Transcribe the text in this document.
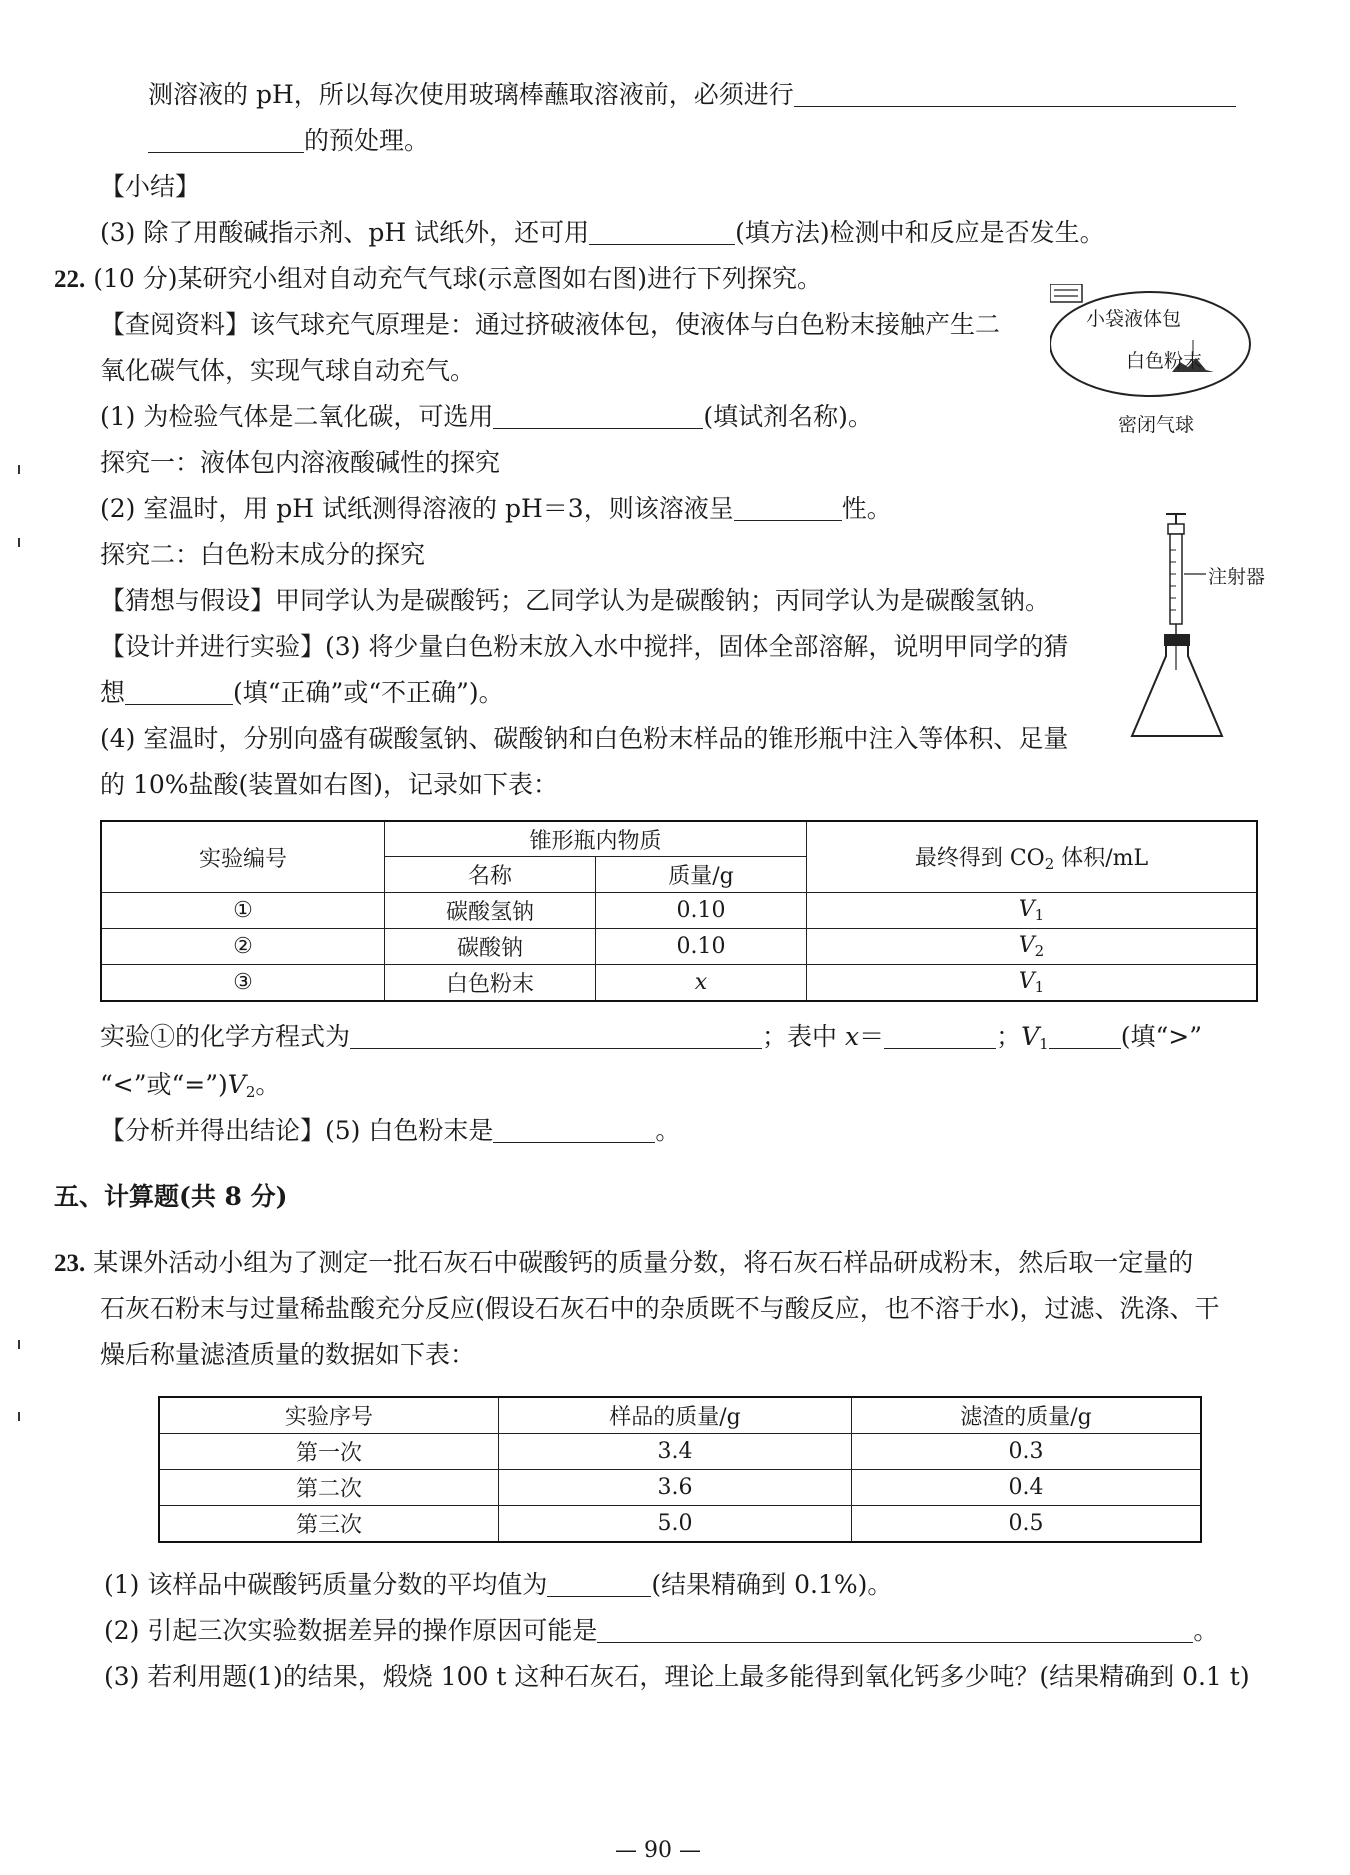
测溶液的 pH，所以每次使用玻璃棒蘸取溶液前，必须进行
的预处理。
【小结】
(3) 除了用酸碱指示剂、pH 试纸外，还可用	(填方法)检测中和反应是否发生。
22. (10 分)某研究小组对自动充气气球(示意图如右图)进行下列探究。
【查阅资料】该气球充气原理是：通过挤破液体包，使液体与白色粉末接触产生二
氧化碳气体，实现气球自动充气。
(1) 为检验气体是二氧化碳，可选用	(填试剂名称)。
探究一：液体包内溶液酸碱性的探究
(2) 室温时，用 pH 试纸测得溶液的 pH＝3，则该溶液呈	性。
探究二：白色粉末成分的探究
【猜想与假设】甲同学认为是碳酸钙；乙同学认为是碳酸钠；丙同学认为是碳酸氢钠。
【设计并进行实验】(3) 将少量白色粉末放入水中搅拌，固体全部溶解，说明甲同学的猜
想	(填“正确”或“不正确”)。
(4) 室温时，分别向盛有碳酸氢钠、碳酸钠和白色粉末样品的锥形瓶中注入等体积、足量
的 10%盐酸(装置如右图)，记录如下表：
小袋液体包
白色粉末
密闭气球
注射器
实验编号	锥形瓶内物质		最终得到 $CO_2$ 体积/mL
	名称	质量/g	
①	碳酸氢钠	0.10	$V_1$
②	碳酸钠	0.10	$V_2$
③	白色粉末	x	$V_1$
实验①的化学方程式为	；表中 x＝	；$V_1$	(填“>”
“<”或“$=”)V_2$。
【分析并得出结论】(5) 白色粉末是	。
五、计算题(共 8 分)
23. 某课外活动小组为了测定一批石灰石中碳酸钙的质量分数，将石灰石样品研成粉末，然后取一定量的
石灰石粉末与过量稀盐酸充分反应(假设石灰石中的杂质既不与酸反应，也不溶于水)，过滤、洗涤、干
燥后称量滤渣质量的数据如下表：
实验序号	样品的质量/g	滤渣的质量/g
第一次	3.4	0.3
第二次	3.6	0.4
第三次	5.0	0.5
(1) 该样品中碳酸钙质量分数的平均值为	(结果精确到 0.1%)。
(2) 引起三次实验数据差异的操作原因可能是	。
(3) 若利用题(1)的结果，煅烧 100 t 这种石灰石，理论上最多能得到氧化钙多少吨？(结果精确到 0.1 t)
— 90 —
